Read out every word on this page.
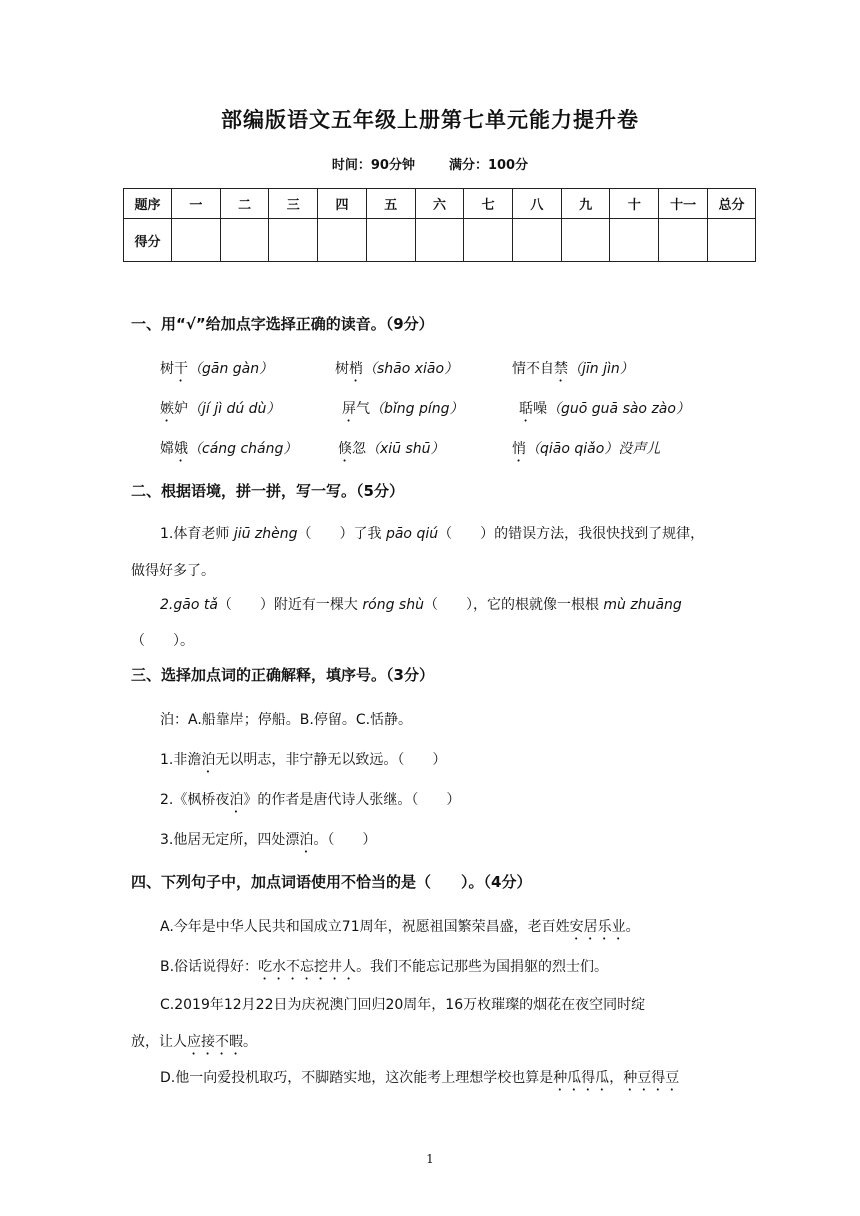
部编版语文五年级上册第七单元能力提升卷
时间：90分钟	满分：100分
题序	一	二	三	四	五	六	七	八	九	十	十一	总分
得分												
一、用“√”给加点字选择正确的读音。（9分）
树干（gān gàn）	树梢（shāo xiāo）	情不自禁（jīn jìn）
嫉妒（jí jì dú dù）	屏气（bǐng píng）	聒噪（guō guā sào zào）
嫦娥（cáng cháng）	倏忽（xiū shū）	悄（qiāo qiǎo）没声儿
二、根据语境，拼一拼，写一写。（5分）
1.体育老师 jiū zhèng（　　）了我 pāo qiú（　　）的错误方法，我很快找到了规律，
做得好多了。
2.gāo tǎ（　　）附近有一棵大 róng shù（　　），它的根就像一根根 mù zhuāng
（　　）。
三、选择加点词的正确解释，填序号。（3分）
泊：A.船靠岸；停船。B.停留。C.恬静。
1.非澹泊无以明志，非宁静无以致远。（　　）
2.《枫桥夜泊》的作者是唐代诗人张继。（　　）
3.他居无定所，四处漂泊。（　　）
四、下列句子中，加点词语使用不恰当的是（　　）。（4分）
A.今年是中华人民共和国成立71周年，祝愿祖国繁荣昌盛，老百姓安居乐业。
B.俗话说得好：吃水不忘挖井人。我们不能忘记那些为国捐躯的烈士们。
C.2019年12月22日为庆祝澳门回归20周年，16万枚璀璨的烟花在夜空同时绽
放，让人应接不暇。
D.他一向爱投机取巧，不脚踏实地，这次能考上理想学校也算是种瓜得瓜，种豆得豆
1
